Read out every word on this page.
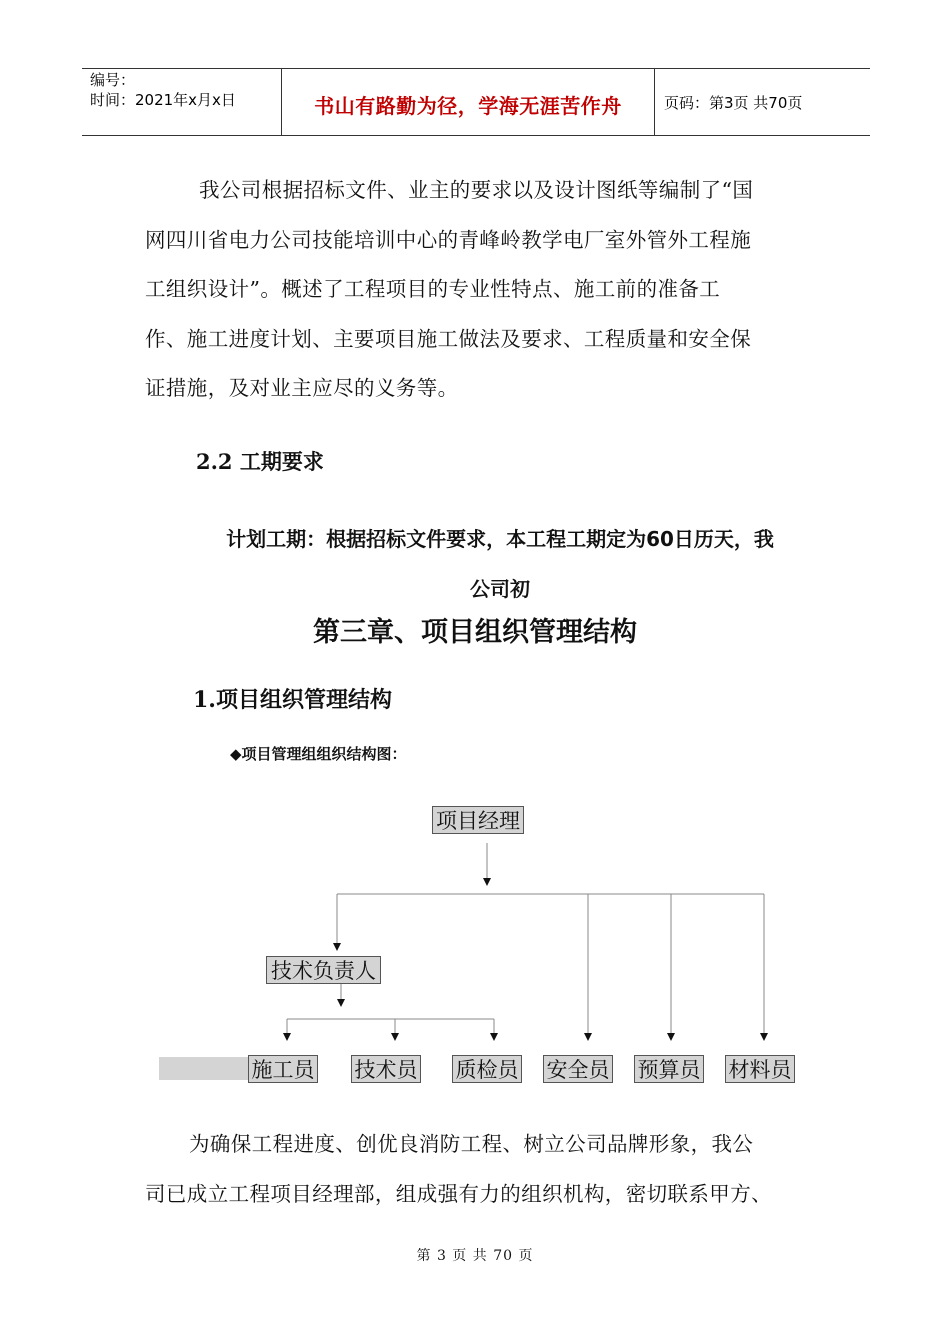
编号：
时间：2021年x月x日	书山有路勤为径，学海无涯苦作舟	页码：第3页 共70页
我公司根据招标文件、业主的要求以及设计图纸等编制了“国
网四川省电力公司技能培训中心的青峰岭教学电厂室外管外工程施
工组织设计”。概述了工程项目的专业性特点、施工前的准备工
作、施工进度计划、主要项目施工做法及要求、工程质量和安全保
证措施，及对业主应尽的义务等。
2.2 工期要求
计划工期：根据招标文件要求，本工程工期定为60日历天，我
公司初
第三章、项目组织管理结构
1.项目组织管理结构
◆项目管理组组织结构图：
项目经理
技术负责人
施工员 技术员 质检员 安全员 预算员 材料员
为确保工程进度、创优良消防工程、树立公司品牌形象，我公
司已成立工程项目经理部，组成强有力的组织机构，密切联系甲方、
第 3 页 共 70 页
